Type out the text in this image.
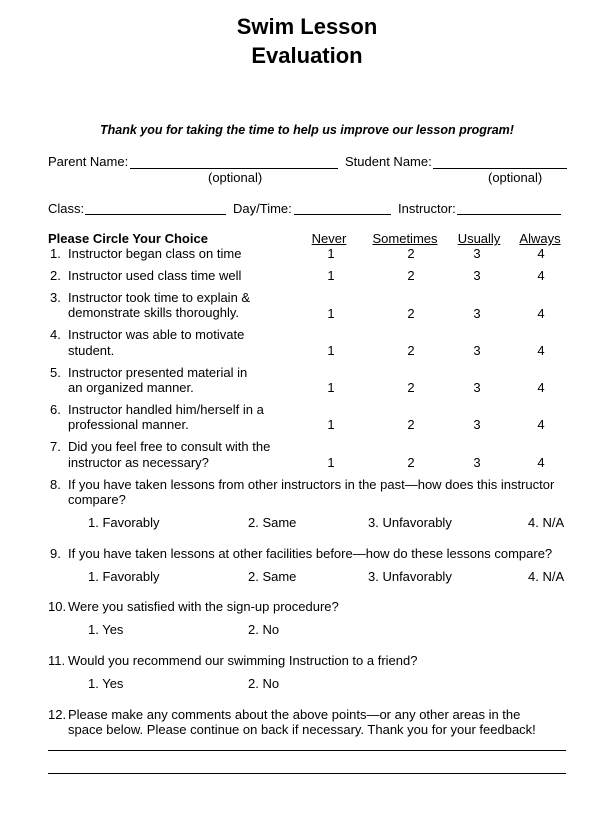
Swim Lesson
Evaluation
Thank you for taking the time to help us improve our lesson program!
Parent Name:	Student Name:
(optional)	(optional)
Class:	Day/Time:	Instructor:
Please Circle Your Choice	Never Sometimes Usually Always
1. Instructor began class on time	1	2	3	4
2. Instructor used class time well	1	2	3	4
3. Instructor took time to explain &
demonstrate skills thoroughly.	1	2	3	4
4. Instructor was able to motivate
student.	1	2	3	4
5. Instructor presented material in
an organized manner.	1	2	3	4
6. Instructor handled him/herself in a
professional manner.	1	2	3	4
7. Did you feel free to consult with the
instructor as necessary?	1	2	3	4
8. If you have taken lessons from other instructors in the past—how does this instructor
compare?
1. Favorably	2. Same	3. Unfavorably	4. N/A
9. If you have taken lessons at other facilities before—how do these lessons compare?
1. Favorably	2. Same	3. Unfavorably	4. N/A
10. Were you satisfied with the sign-up procedure?
1. Yes	2. No
11. Would you recommend our swimming Instruction to a friend?
1. Yes	2. No
12. Please make any comments about the above points—or any other areas in the
space below. Please continue on back if necessary. Thank you for your feedback!
